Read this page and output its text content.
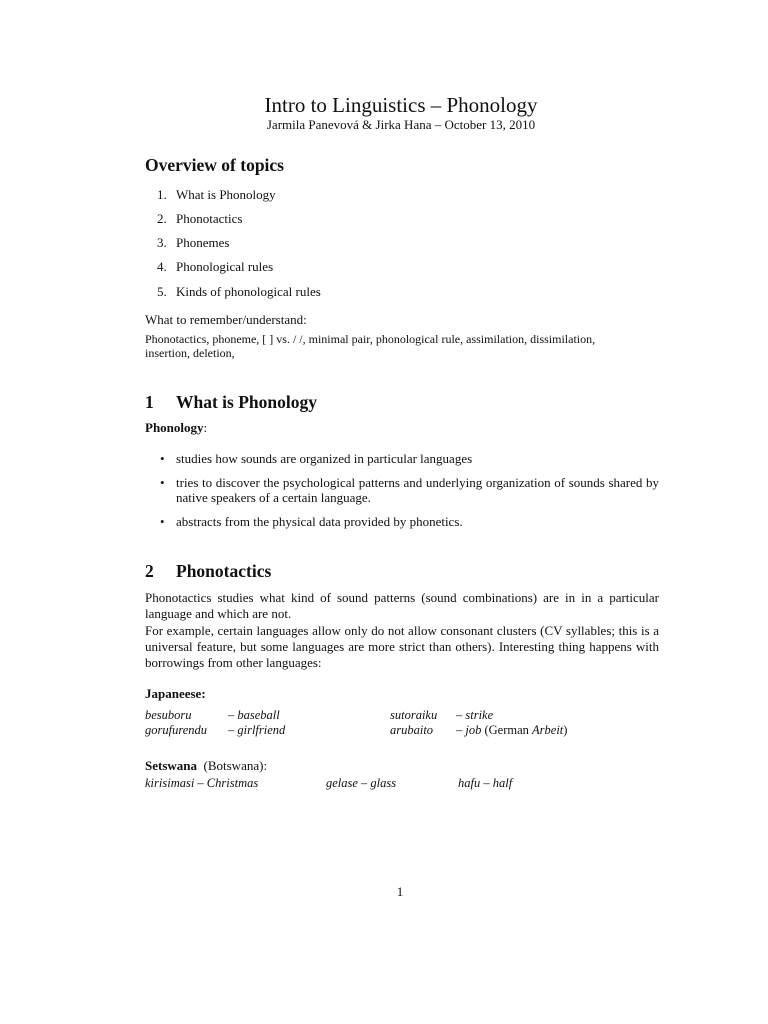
Intro to Linguistics – Phonology
Jarmila Panevová & Jirka Hana – October 13, 2010
Overview of topics
1. What is Phonology
2. Phonotactics
3. Phonemes
4. Phonological rules
5. Kinds of phonological rules
What to remember/understand:
Phonotactics, phoneme, [ ] vs. / /, minimal pair, phonological rule, assimilation, dissimilation,
insertion, deletion,
1 What is Phonology
Phonology:
• studies how sounds are organized in particular languages
• tries to discover the psychological patterns and underlying organization of sounds shared by native speakers of a certain language.
• abstracts from the physical data provided by phonetics.
2 Phonotactics
Phonotactics studies what kind of sound patterns (sound combinations) are in in a particular language and which are not.
For example, certain languages allow only do not allow consonant clusters (CV syllables; this is a universal feature, but some languages are more strict than others). Interesting thing happens with borrowings from other languages:
Japaneese:
besuboru	– baseball	sutoraiku – strike
gorufurendu – girlfriend	arubaito – job (German Arbeit)
Setswana (Botswana):
kirisimasi – Christmas	gelase – glass	hafu – half
1
